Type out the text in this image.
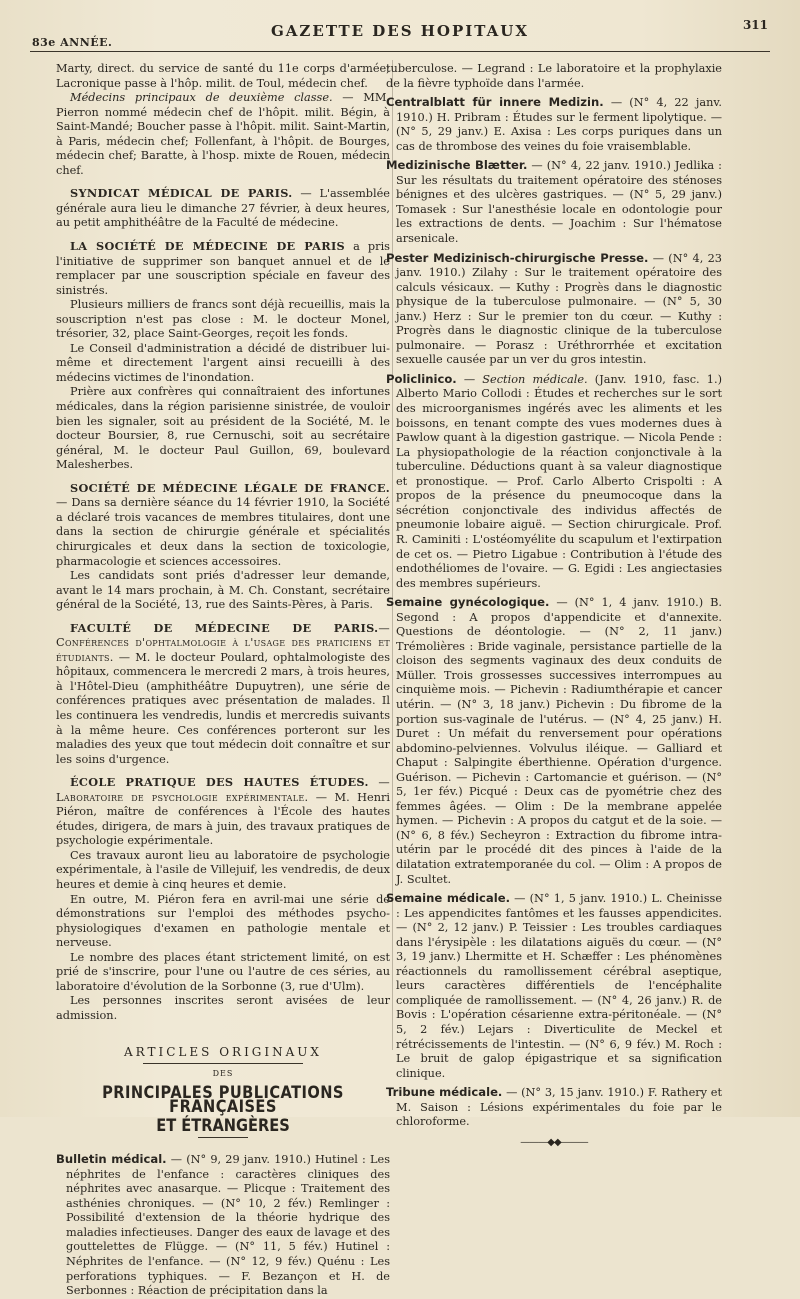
83e ANNÉE.
GAZETTE DES HOPITAUX	311

Marty, direct. du service de santé du 11e corps d'armée; Lacronique passe à l'hôp. milit. de Toul, médecin chef.

Médecins principaux de deuxième classe. — MM. Pierron nommé médecin chef de l'hôpit. milit. Bégin, à Saint-Mandé; Boucher passe à l'hôpit. milit. Saint-Martin, à Paris, médecin chef; Follenfant, à l'hôpit. de Bourges, médecin chef; Baratte, à l'hosp. mixte de Rouen, médecin chef.

SYNDICAT MÉDICAL DE PARIS. — L'assemblée générale aura lieu le dimanche 27 février, à deux heures, au petit amphithéâtre de la Faculté de médecine.

LA SOCIÉTÉ DE MÉDECINE DE PARIS a pris l'initiative de supprimer son banquet annuel et de le remplacer par une souscription spéciale en faveur des sinistrés.

Plusieurs milliers de francs sont déjà recueillis, mais la souscription n'est pas close : M. le docteur Monel, trésorier, 32, place Saint-Georges, reçoit les fonds.

Le Conseil d'administration a décidé de distribuer lui-même et directement l'argent ainsi recueilli à des médecins victimes de l'inondation.

Prière aux confrères qui connaîtraient des infortunes médicales, dans la région parisienne sinistrée, de vouloir bien les signaler, soit au président de la Société, M. le docteur Boursier, 8, rue Cernuschi, soit au secrétaire général, M. le docteur Paul Guillon, 69, boulevard Malesherbes.

SOCIÉTÉ DE MÉDECINE LÉGALE DE FRANCE. — Dans sa dernière séance du 14 février 1910, la Société a déclaré trois vacances de membres titulaires, dont une dans la section de chirurgie générale et spécialités chirurgicales et deux dans la section de toxicologie, pharmacologie et sciences accessoires.

Les candidats sont priés d'adresser leur demande, avant le 14 mars prochain, à M. Ch. Constant, secrétaire général de la Société, 13, rue des Saints-Pères, à Paris.

FACULTÉ DE MÉDECINE DE PARIS.—Conférences d'ophtalmologie à l'usage des praticiens et étudiants. — M. le docteur Poulard, ophtalmologiste des hôpitaux, commencera le mercredi 2 mars, à trois heures, à l'Hôtel-Dieu (amphithéâtre Dupuytren), une série de conférences pratiques avec présentation de malades. Il les continuera les vendredis, lundis et mercredis suivants à la même heure. Ces conférences porteront sur les maladies des yeux que tout médecin doit connaître et sur les soins d'urgence.

ÉCOLE PRATIQUE DES HAUTES ÉTUDES. — Laboratoire de psychologie expérimentale. — M. Henri Piéron, maître de conférences à l'École des hautes études, dirigera, de mars à juin, des travaux pratiques de psychologie expérimentale.

Ces travaux auront lieu au laboratoire de psychologie expérimentale, à l'asile de Villejuif, les vendredis, de deux heures et demie à cinq heures et demie.

En outre, M. Piéron fera en avril-mai une série de démonstrations sur l'emploi des méthodes psycho-physiologiques d'examen en pathologie mentale et nerveuse.

Le nombre des places étant strictement limité, on est prié de s'inscrire, pour l'une ou l'autre de ces séries, au laboratoire d'évolution de la Sorbonne (3, rue d'Ulm).

Les personnes inscrites seront avisées de leur admission.

ARTICLES ORIGINAUX
DES
PRINCIPALES PUBLICATIONS FRANÇAISES
ET ÉTRANGÈRES

Bulletin médical. — (N° 9, 29 janv. 1910.) Hutinel : Les néphrites de l'enfance : caractères cliniques des néphrites avec anasarque. — Plicque : Traitement des asthénies chroniques. — (N° 10, 2 fév.) Remlinger : Possibilité d'extension de la théorie hydrique des maladies infectieuses. Danger des eaux de lavage et des gouttelettes de Flügge. — (N° 11, 5 fév.) Hutinel : Néphrites de l'enfance. — (N° 12, 9 fév.) Quénu : Les perforations typhiques. — F. Bezançon et H. de Serbonnes : Réaction de précipitation dans la

tuberculose. — Legrand : Le laboratoire et la prophylaxie de la fièvre typhoïde dans l'armée.

Centralblatt für innere Medizin. — (N° 4, 22 janv. 1910.) H. Pribram : Études sur le ferment lipolytique. — (N° 5, 29 janv.) E. Axisa : Les corps puriques dans un cas de thrombose des veines du foie vraisemblable.

Medizinische Blætter. — (N° 4, 22 janv. 1910.) Jedlika : Sur les résultats du traitement opératoire des sténoses bénignes et des ulcères gastriques. — (N° 5, 29 janv.) Tomasek : Sur l'anesthésie locale en odontologie pour les extractions de dents. — Joachim : Sur l'hématose arsenicale.

Pester Medizinisch-chirurgische Presse. — (N° 4, 23 janv. 1910.) Zilahy : Sur le traitement opératoire des calculs vésicaux. — Kuthy : Progrès dans le diagnostic physique de la tuberculose pulmonaire. — (N° 5, 30 janv.) Herz : Sur le premier ton du cœur. — Kuthy : Progrès dans le diagnostic clinique de la tuberculose pulmonaire. — Porasz : Uréthrorrhée et excitation sexuelle causée par un ver du gros intestin.

Policlinico. — Section médicale. (Janv. 1910, fasc. 1.) Alberto Mario Collodi : Études et recherches sur le sort des microorganismes ingérés avec les aliments et les boissons, en tenant compte des vues modernes dues à Pawlow quant à la digestion gastrique. — Nicola Pende : La physiopathologie de la réaction conjonctivale à la tuberculine. Déductions quant à sa valeur diagnostique et pronostique. — Prof. Carlo Alberto Crispolti : A propos de la présence du pneumocoque dans la sécrétion conjonctivale des individus affectés de pneumonie lobaire aiguë. — Section chirurgicale. Prof. R. Caminiti : L'ostéomyélite du scapulum et l'extirpation de cet os. — Pietro Ligabue : Contribution à l'étude des endothéliomes de l'ovaire. — G. Egidi : Les angiectasies des membres supérieurs.

Semaine gynécologique. — (N° 1, 4 janv. 1910.) B. Segond : A propos d'appendicite et d'annexite. Questions de déontologie. — (N° 2, 11 janv.) Trémolières : Bride vaginale, persistance partielle de la cloison des segments vaginaux des deux conduits de Müller. Trois grossesses successives interrompues au cinquième mois. — Pichevin : Radiumthérapie et cancer utérin. — (N° 3, 18 janv.) Pichevin : Du fibrome de la portion sus-vaginale de l'utérus. — (N° 4, 25 janv.) H. Duret : Un méfait du renversement pour opérations abdomino-pelviennes. Volvulus iléique. — Galliard et Chaput : Salpingite éberthienne. Opération d'urgence. Guérison. — Pichevin : Cartomancie et guérison. — (N° 5, 1er fév.) Picqué : Deux cas de pyométrie chez des femmes âgées. — Olim : De la membrane appelée hymen. — Pichevin : A propos du catgut et de la soie. — (N° 6, 8 fév.) Secheyron : Extraction du fibrome intra-utérin par le procédé dit des pinces à l'aide de la dilatation extratemporanée du col. — Olim : A propos de J. Scultet.

Semaine médicale. — (N° 1, 5 janv. 1910.) L. Cheinisse : Les appendicites fantômes et les fausses appendicites. — (N° 2, 12 janv.) P. Teissier : Les troubles cardiaques dans l'érysipèle : les dilatations aiguës du cœur. — (N° 3, 19 janv.) Lhermitte et H. Schæffer : Les phénomènes réactionnels du ramollissement cérébral aseptique, leurs caractères différentiels de l'encéphalite compliquée de ramollissement. — (N° 4, 26 janv.) R. de Bovis : L'opération césarienne extra-péritonéale. — (N° 5, 2 fév.) Lejars : Diverticulite de Meckel et rétrécissements de l'intestin. — (N° 6, 9 fév.) M. Roch : Le bruit de galop épigastrique et sa signification clinique.

Tribune médicale. — (N° 3, 15 janv. 1910.) F. Rathery et M. Saison : Lésions expérimentales du foie par le chloroforme.

———◆◆———
